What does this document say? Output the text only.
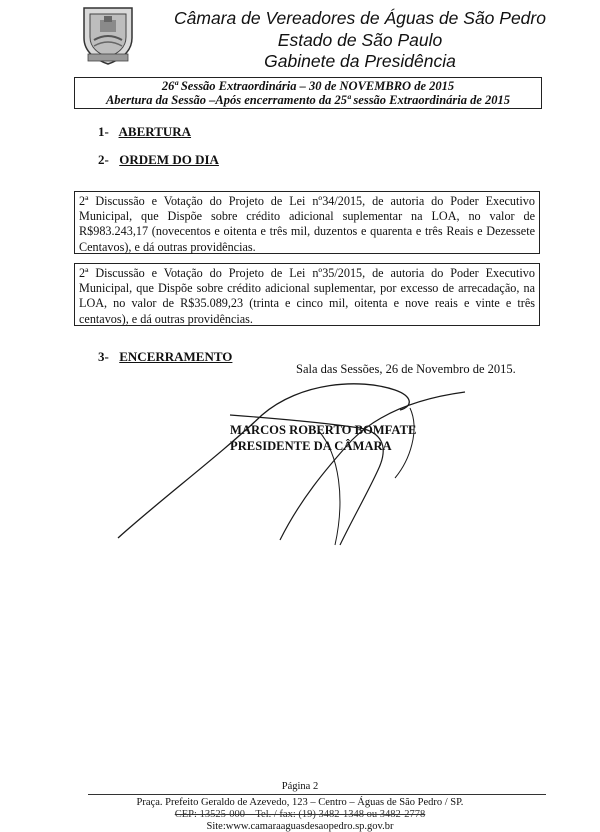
Câmara de Vereadores de Águas de São Pedro
Estado de São Paulo
Gabinete da Presidência
26ª Sessão Extraordinária – 30 de NOVEMBRO de 2015
Abertura da Sessão –Após encerramento da 25ª sessão Extraordinária de 2015
1- ABERTURA
2- ORDEM DO DIA
2ª Discussão e Votação do Projeto de Lei nº34/2015, de autoria do Poder Executivo Municipal, que Dispõe sobre crédito adicional suplementar na LOA, no valor de R$983.243,17 (novecentos e oitenta e três mil, duzentos e quarenta e três Reais e Dezessete Centavos), e dá outras providências.
2ª Discussão e Votação do Projeto de Lei nº35/2015, de autoria do Poder Executivo Municipal, que Dispõe sobre crédito adicional suplementar, por excesso de arrecadação, na LOA, no valor de R$35.089,23 (trinta e cinco mil, oitenta e nove reais e vinte e três centavos), e dá outras providências.
3- ENCERRAMENTO
Sala das Sessões, 26 de Novembro de 2015.
MARCOS ROBERTO BOMFATE
PRESIDENTE DA CÂMARA
Página 2
Praça. Prefeito Geraldo de Azevedo, 123 – Centro – Águas de São Pedro / SP.
CEP: 13525-000 – Tel. / fax: (19) 3482-1348 ou 3482-2778
Site:www.camaraaguasdesaopedro.sp.gov.br
